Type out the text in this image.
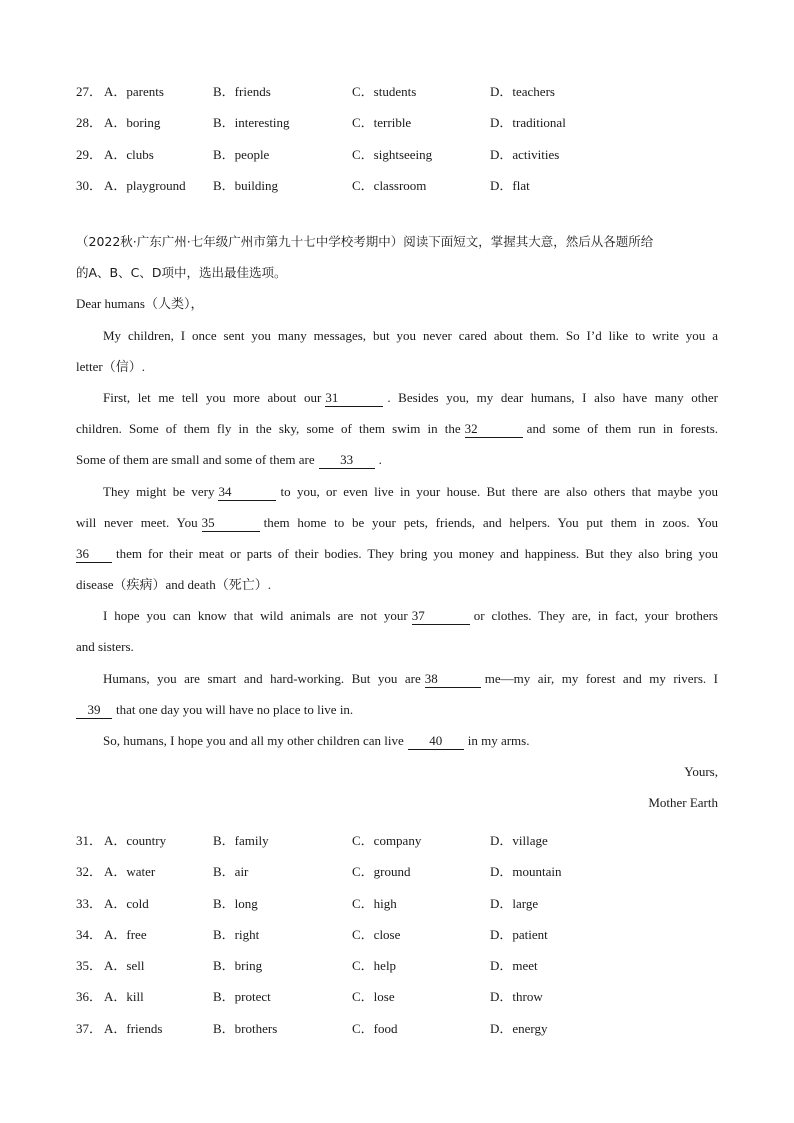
27． A．parents	B．friends	C．students	D．teachers
28． A．boring	B．interesting	C．terrible	D．traditional
29． A．clubs	B．people	C．sightseeing	D．activities
30． A．playground B．building	C．classroom	D．flat
（2022秋·广东广州·七年级广州市第九十七中学校考期中）阅读下面短文，掌握其大意，然后从各题所给
的A、B、C、D项中，选出最佳选项。
Dear humans（人类），
My children, I once sent you many messages, but you never cared about them. So I’d like to write you a
letter（信）.
First, let me tell you more about our 31	. Besides you, my dear humans, I also have many other
children. Some of them fly in the sky, some of them swim in the 32	and some of them run in forests.
Some of them are small and some of them are 33 .
They might be very 34	to you, or even live in your house. But there are also others that maybe you
will never meet. You 35	them home to be your pets, friends, and helpers. You put them in zoos. You
36 them for their meat or parts of their bodies. They bring you money and happiness. But they also bring you
disease（疾病）and death（死亡）.
I hope you can know that wild animals are not your 37	or clothes. They are, in fact, your brothers
and sisters.
Humans, you are smart and hard-working. But you are 38	me—my air, my forest and my rivers. I
39 that one day you will have no place to live in.
So, humans, I hope you and all my other children can live 40 in my arms.
Yours,
Mother Earth
31． A．country	B．family	C．company	D．village
32． A．water	B．air	C．ground	D．mountain
33． A．cold	B．long	C．high	D．large
34． A．free	B．right	C．close	D．patient
35． A．sell	B．bring	C．help	D．meet
36． A．kill	B．protect	C．lose	D．throw
37． A．friends	B．brothers	C．food	D．energy
